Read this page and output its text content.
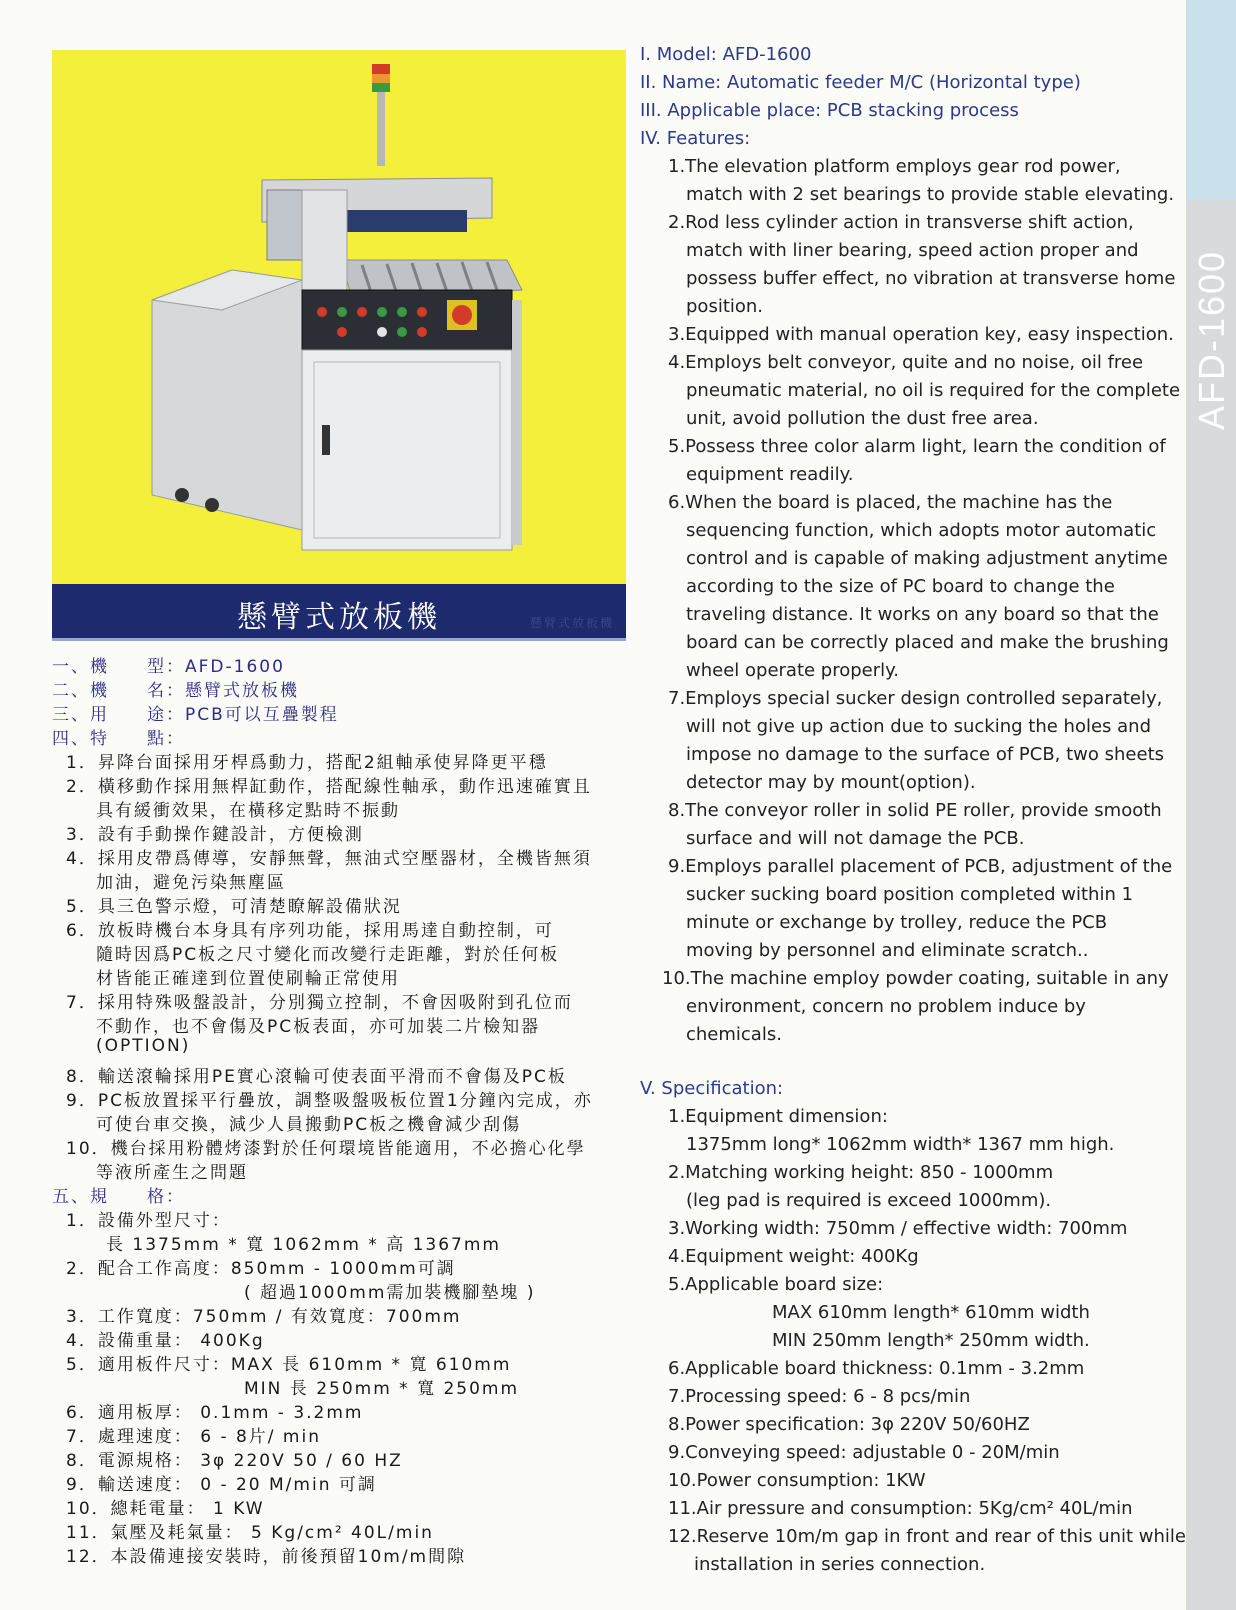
AFD-1600
懸臂式放板機	懸臂式放板機
一、機　　型：AFD-1600
二、機　　名：懸臂式放板機
三、用　　途：PCB可以互疊製程
四、特　　點：
1．昇降台面採用牙桿爲動力，搭配2組軸承使昇降更平穩
2．橫移動作採用無桿缸動作，搭配線性軸承，動作迅速確實且
具有緩衝效果，在橫移定點時不振動
3．設有手動操作鍵設計，方便檢測
4．採用皮帶爲傳導，安靜無聲，無油式空壓器材，全機皆無須
加油，避免污染無塵區
5．具三色警示燈，可清楚瞭解設備狀況
6．放板時機台本身具有序列功能，採用馬達自動控制，可
隨時因爲PC板之尺寸變化而改變行走距離，對於任何板
材皆能正確達到位置使刷輪正常使用
7．採用特殊吸盤設計，分別獨立控制，不會因吸附到孔位而
不動作，也不會傷及PC板表面，亦可加裝二片檢知器
(OPTION)
8．輸送滾輪採用PE實心滾輪可使表面平滑而不會傷及PC板
9．PC板放置採平行疊放，調整吸盤吸板位置1分鐘內完成，亦
可使台車交換，減少人員搬動PC板之機會減少刮傷
10．機台採用粉體烤漆對於任何環境皆能適用，不必擔心化學
等液所產生之問題
五、規　　格：
1．設備外型尺寸：
長 1375mm * 寬 1062mm * 高 1367mm
2．配合工作高度：850mm - 1000mm可調
( 超過1000mm需加裝機腳墊塊 )
3．工作寬度：750mm / 有效寬度：700mm
4．設備重量： 400Kg
5．適用板件尺寸：MAX 長 610mm * 寬 610mm
MIN 長 250mm * 寬 250mm
6．適用板厚： 0.1mm - 3.2mm
7．處理速度： 6 - 8片/ min
8．電源規格： 3φ 220V 50 / 60 HZ
9．輸送速度： 0 - 20 M/min 可調
10．總耗電量： 1 KW
11．氣壓及耗氣量： 5 Kg/cm² 40L/min
12．本設備連接安裝時，前後預留10m/m間隙
I. Model: AFD-1600
II. Name: Automatic feeder M/C (Horizontal type)
III. Applicable place: PCB stacking process
IV. Features:
1.The elevation platform employs gear rod power,
match with 2 set bearings to provide stable elevating.
2.Rod less cylinder action in transverse shift action,
match with liner bearing, speed action proper and
possess buffer effect, no vibration at transverse home
position.
3.Equipped with manual operation key, easy inspection.
4.Employs belt conveyor, quite and no noise, oil free
pneumatic material, no oil is required for the complete
unit, avoid pollution the dust free area.
5.Possess three color alarm light, learn the condition of
equipment readily.
6.When the board is placed, the machine has the
sequencing function, which adopts motor automatic
control and is capable of making adjustment anytime
according to the size of PC board to change the
traveling distance. It works on any board so that the
board can be correctly placed and make the brushing
wheel operate properly.
7.Employs special sucker design controlled separately,
will not give up action due to sucking the holes and
impose no damage to the surface of PCB, two sheets
detector may by mount(option).
8.The conveyor roller in solid PE roller, provide smooth
surface and will not damage the PCB.
9.Employs parallel placement of PCB, adjustment of the
sucker sucking board position completed within 1
minute or exchange by trolley, reduce the PCB
moving by personnel and eliminate scratch..
10.The machine employ powder coating, suitable in any
environment, concern no problem induce by
chemicals.
V. Specification:
1.Equipment dimension:
1375mm long* 1062mm width* 1367 mm high.
2.Matching working height: 850 - 1000mm
(leg pad is required is exceed 1000mm).
3.Working width: 750mm / effective width: 700mm
4.Equipment weight: 400Kg
5.Applicable board size:
MAX 610mm length* 610mm width
MIN 250mm length* 250mm width.
6.Applicable board thickness: 0.1mm - 3.2mm
7.Processing speed: 6 - 8 pcs/min
8.Power specification: 3φ 220V 50/60HZ
9.Conveying speed: adjustable 0 - 20M/min
10.Power consumption: 1KW
11.Air pressure and consumption: 5Kg/cm² 40L/min
12.Reserve 10m/m gap in front and rear of this unit while
installation in series connection.
